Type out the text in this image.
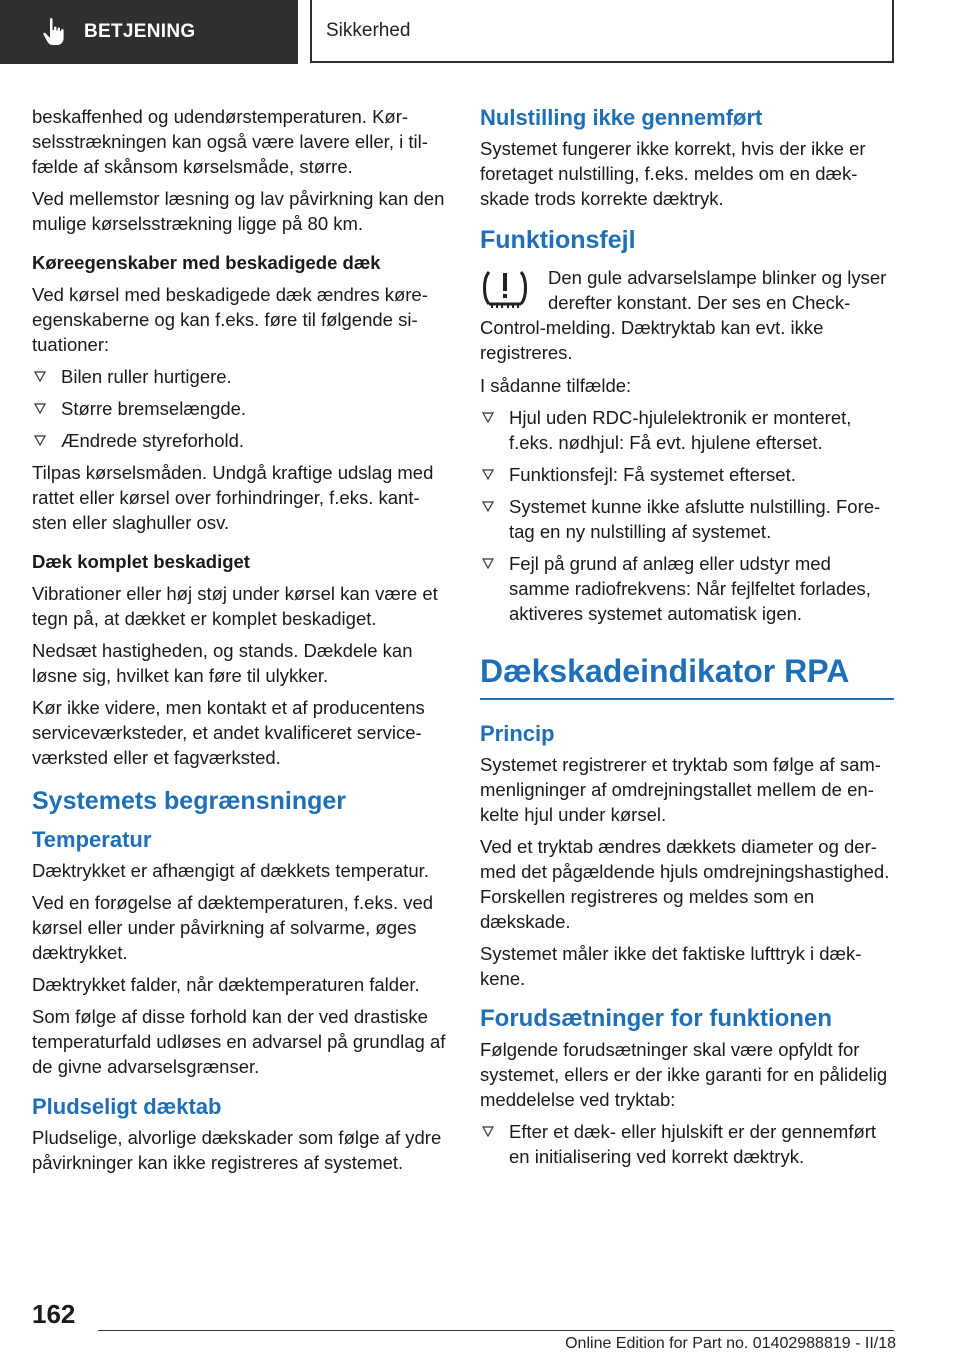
BETJENING	Sikkerhed

beskaffenhed og udendørstemperaturen. Kørselsstrækningen kan også være lavere eller, i tilfælde af skånsom kørselsmåde, større.

Ved mellemstor læsning og lav påvirkning kan den mulige kørselsstrækning ligge på 80 km.

Køreegenskaber med beskadigede dæk

Ved kørsel med beskadigede dæk ændres køreegenskaberne og kan f.eks. føre til følgende situationer:

Bilen ruller hurtigere.
Større bremselængde.
Ændrede styreforhold.

Tilpas kørselsmåden. Undgå kraftige udslag med rattet eller kørsel over forhindringer, f.eks. kantsten eller slaghuller osv.

Dæk komplet beskadiget

Vibrationer eller høj støj under kørsel kan være et tegn på, at dækket er komplet beskadiget.

Nedsæt hastigheden, og stands. Dækdele kan løsne sig, hvilket kan føre til ulykker.

Kør ikke videre, men kontakt et af producentens serviceværksteder, et andet kvalificeret serviceværksted eller et fagværksted.

Systemets begrænsninger
Temperatur

Dæktrykket er afhængigt af dækkets temperatur.

Ved en forøgelse af dæktemperaturen, f.eks. ved kørsel eller under påvirkning af solvarme, øges dæktrykket.

Dæktrykket falder, når dæktemperaturen falder.

Som følge af disse forhold kan der ved drastiske temperaturfald udløses en advarsel på grundlag af de givne advarselsgrænser.

Pludseligt dæktab

Pludselige, alvorlige dækskader som følge af ydre påvirkninger kan ikke registreres af systemet.

Nulstilling ikke gennemført

Systemet fungerer ikke korrekt, hvis der ikke er foretaget nulstilling, f.eks. meldes om en dækskade trods korrekte dæktryk.

Funktionsfejl

Den gule advarselslampe blinker og lyser derefter konstant. Der ses en Check-Control-melding. Dæktryktab kan evt. ikke registreres.

I sådanne tilfælde:

Hjul uden RDC-hjulelektronik er monteret, f.eks. nødhjul: Få evt. hjulene efterset.
Funktionsfejl: Få systemet efterset.
Systemet kunne ikke afslutte nulstilling. Foretag en ny nulstilling af systemet.
Fejl på grund af anlæg eller udstyr med samme radiofrekvens: Når fejlfeltet forlades, aktiveres systemet automatisk igen.
Dækskadeindikator RPA
Princip

Systemet registrerer et tryktab som følge af sammenligninger af omdrejningstallet mellem de enkelte hjul under kørsel.

Ved et tryktab ændres dækkets diameter og dermed det pågældende hjuls omdrejningshastighed. Forskellen registreres og meldes som en dækskade.

Systemet måler ikke det faktiske lufttryk i dækkene.

Forudsætninger for funktionen

Følgende forudsætninger skal være opfyldt for systemet, ellers er der ikke garanti for en pålidelig meddelelse ved tryktab:

Efter et dæk- eller hjulskift er der gennemført en initialisering ved korrekt dæktryk.
162
Online Edition for Part no. 01402988819 - II/18
